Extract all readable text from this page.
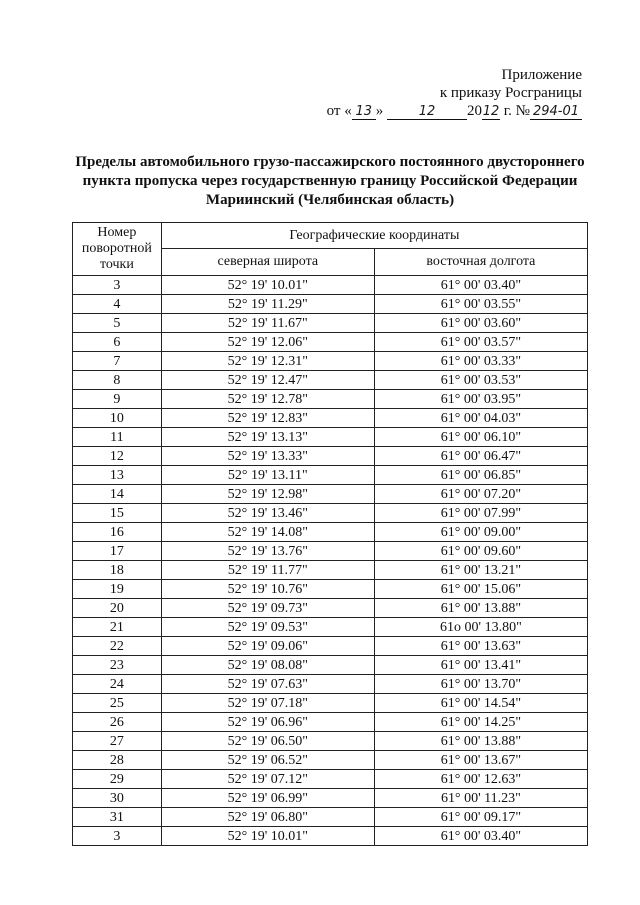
Приложение
к приказу Росграницы
от « 13 »	12 2012 г. № 294-01
Пределы автомобильного грузо-пассажирского постоянного двустороннего
пункта пропуска через государственную границу Российской Федерации
Мариинский (Челябинская область)
Номер поворотной точки	Географические координаты	
	северная широта	восточная долгота
3	52° 19' 10.01"	61° 00' 03.40"
4	52° 19' 11.29"	61° 00' 03.55"
5	52° 19' 11.67"	61° 00' 03.60"
6	52° 19' 12.06"	61° 00' 03.57"
7	52° 19' 12.31"	61° 00' 03.33"
8	52° 19' 12.47"	61° 00' 03.53"
9	52° 19' 12.78"	61° 00' 03.95"
10	52° 19' 12.83"	61° 00' 04.03"
11	52° 19' 13.13"	61° 00' 06.10"
12	52° 19' 13.33"	61° 00' 06.47"
13	52° 19' 13.11"	61° 00' 06.85"
14	52° 19' 12.98"	61° 00' 07.20"
15	52° 19' 13.46"	61° 00' 07.99"
16	52° 19' 14.08"	61° 00' 09.00"
17	52° 19' 13.76"	61° 00' 09.60"
18	52° 19' 11.77"	61° 00' 13.21"
19	52° 19' 10.76"	61° 00' 15.06"
20	52° 19' 09.73"	61° 00' 13.88"
21	52° 19' 09.53"	61o 00' 13.80"
22	52° 19' 09.06"	61° 00' 13.63"
23	52° 19' 08.08"	61° 00' 13.41"
24	52° 19' 07.63"	61° 00' 13.70"
25	52° 19' 07.18"	61° 00' 14.54"
26	52° 19' 06.96"	61° 00' 14.25"
27	52° 19' 06.50"	61° 00' 13.88"
28	52° 19' 06.52"	61° 00' 13.67"
29	52° 19' 07.12"	61° 00' 12.63"
30	52° 19' 06.99"	61° 00' 11.23"
31	52° 19' 06.80"	61° 00' 09.17"
3	52° 19' 10.01"	61° 00' 03.40"
